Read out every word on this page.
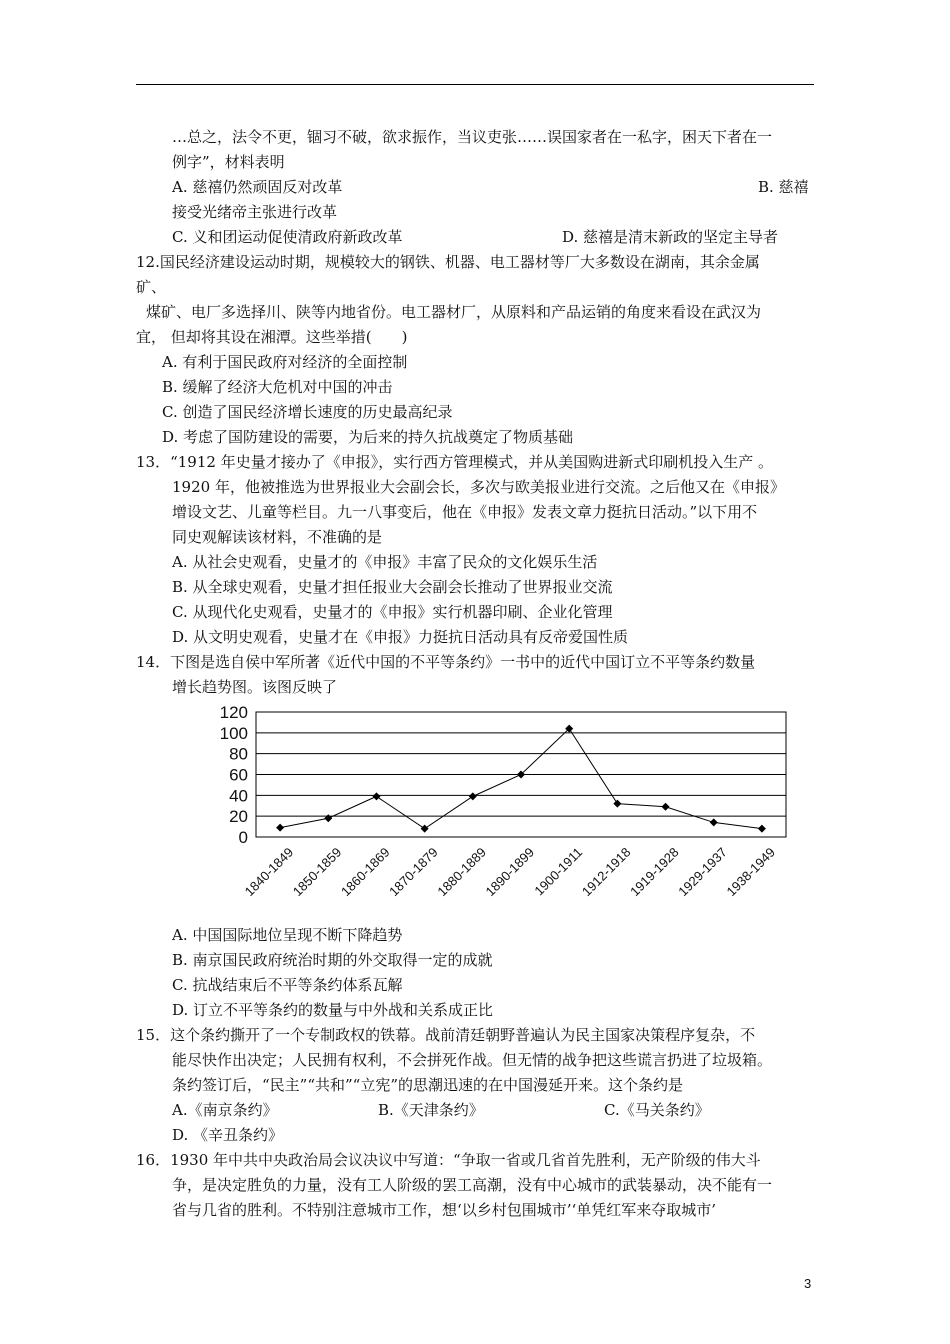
…总之，法令不更，锢习不破，欲求振作，当议吏张……误国家者在一私字，困天下者在一
例字”，材料表明
A. 慈禧仍然顽固反对改革	B. 慈禧
接受光绪帝主张进行改革
C. 义和团运动促使清政府新政改革	D. 慈禧是清末新政的坚定主导者
12.国民经济建设运动时期，规模较大的钢铁、机器、电工器材等厂大多数设在湖南，其余金属
矿、
煤矿、电厂多选择川、陕等内地省份。电工器材厂，从原料和产品运销的角度来看设在武汉为
宜， 但却将其设在湘潭。这些举措(　　)
A. 有利于国民政府对经济的全面控制
B. 缓解了经济大危机对中国的冲击
C. 创造了国民经济增长速度的历史最高纪录
D. 考虑了国防建设的需要，为后来的持久抗战奠定了物质基础
13．“1912 年史量才接办了《申报》，实行西方管理模式，并从美国购进新式印刷机投入生产 。
1920 年，他被推选为世界报业大会副会长，多次与欧美报业进行交流。之后他又在《申报》
增设文艺、儿童等栏目。九一八事变后，他在《申报》发表文章力挺抗日活动。”以下用不
同史观解读该材料，不准确的是
A. 从社会史观看，史量才的《申报》丰富了民众的文化娱乐生活
B. 从全球史观看，史量才担任报业大会副会长推动了世界报业交流
C. 从现代化史观看，史量才的《申报》实行机器印刷、企业化管理
D. 从文明史观看，史量才在《申报》力挺抗日活动具有反帝爱国性质
14．下图是选自侯中军所著《近代中国的不平等条约》一书中的近代中国订立不平等条约数量
增长趋势图。该图反映了
0
20
40
60
80
100
120
1840-1849
1850-1859
1860-1869
1870-1879
1880-1889
1890-1899
1900-1911
1912-1918
1919-1928
1929-1937
1938-1949
A. 中国国际地位呈现不断下降趋势
B. 南京国民政府统治时期的外交取得一定的成就
C. 抗战结束后不平等条约体系瓦解
D. 订立不平等条约的数量与中外战和关系成正比
15．这个条约撕开了一个专制政权的铁幕。战前清廷朝野普遍认为民主国家决策程序复杂，不
能尽快作出决定；人民拥有权利，不会拼死作战。但无情的战争把这些谎言扔进了垃圾箱。
条约签订后，“民主”“共和”“立宪”的思潮迅速的在中国漫延开来。这个条约是
A.《南京条约》	B.《天津条约》	C.《马关条约》
D. 《辛丑条约》
16．1930 年中共中央政治局会议决议中写道：“争取一省或几省首先胜利，无产阶级的伟大斗
争，是决定胜负的力量，没有工人阶级的罢工高潮，没有中心城市的武装暴动，决不能有一
省与几省的胜利。不特别注意城市工作，想‘以乡村包围城市’‘单凭红军来夺取城市’
3
